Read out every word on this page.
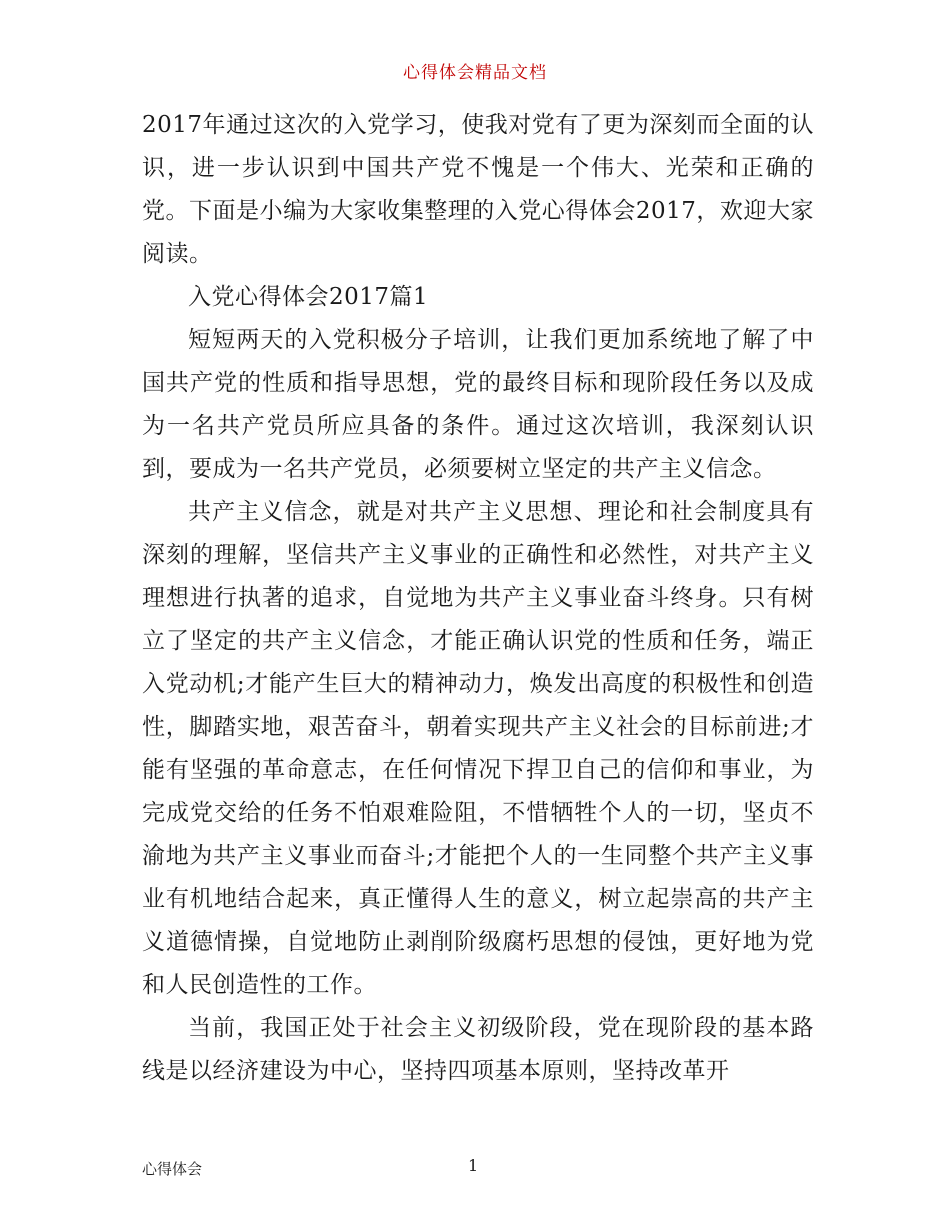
心得体会精品文档

2017年通过这次的入党学习，使我对党有了更为深刻而全面的认识，进一步认识到中国共产党不愧是一个伟大、光荣和正确的党。下面是小编为大家收集整理的入党心得体会2017，欢迎大家阅读。

入党心得体会2017篇1

短短两天的入党积极分子培训，让我们更加系统地了解了中国共产党的性质和指导思想，党的最终目标和现阶段任务以及成为一名共产党员所应具备的条件。通过这次培训，我深刻认识到，要成为一名共产党员，必须要树立坚定的共产主义信念。

共产主义信念，就是对共产主义思想、理论和社会制度具有深刻的理解，坚信共产主义事业的正确性和必然性，对共产主义理想进行执著的追求，自觉地为共产主义事业奋斗终身。只有树立了坚定的共产主义信念，才能正确认识党的性质和任务，端正入党动机;才能产生巨大的精神动力，焕发出高度的积极性和创造性，脚踏实地，艰苦奋斗，朝着实现共产主义社会的目标前进;才能有坚强的革命意志，在任何情况下捍卫自己的信仰和事业，为完成党交给的任务不怕艰难险阻，不惜牺牲个人的一切，坚贞不渝地为共产主义事业而奋斗;才能把个人的一生同整个共产主义事业有机地结合起来，真正懂得人生的意义，树立起崇高的共产主义道德情操，自觉地防止剥削阶级腐朽思想的侵蚀，更好地为党和人民创造性的工作。

当前，我国正处于社会主义初级阶段，党在现阶段的基本路线是以经济建设为中心，坚持四项基本原则，坚持改革开

心得体会	1
